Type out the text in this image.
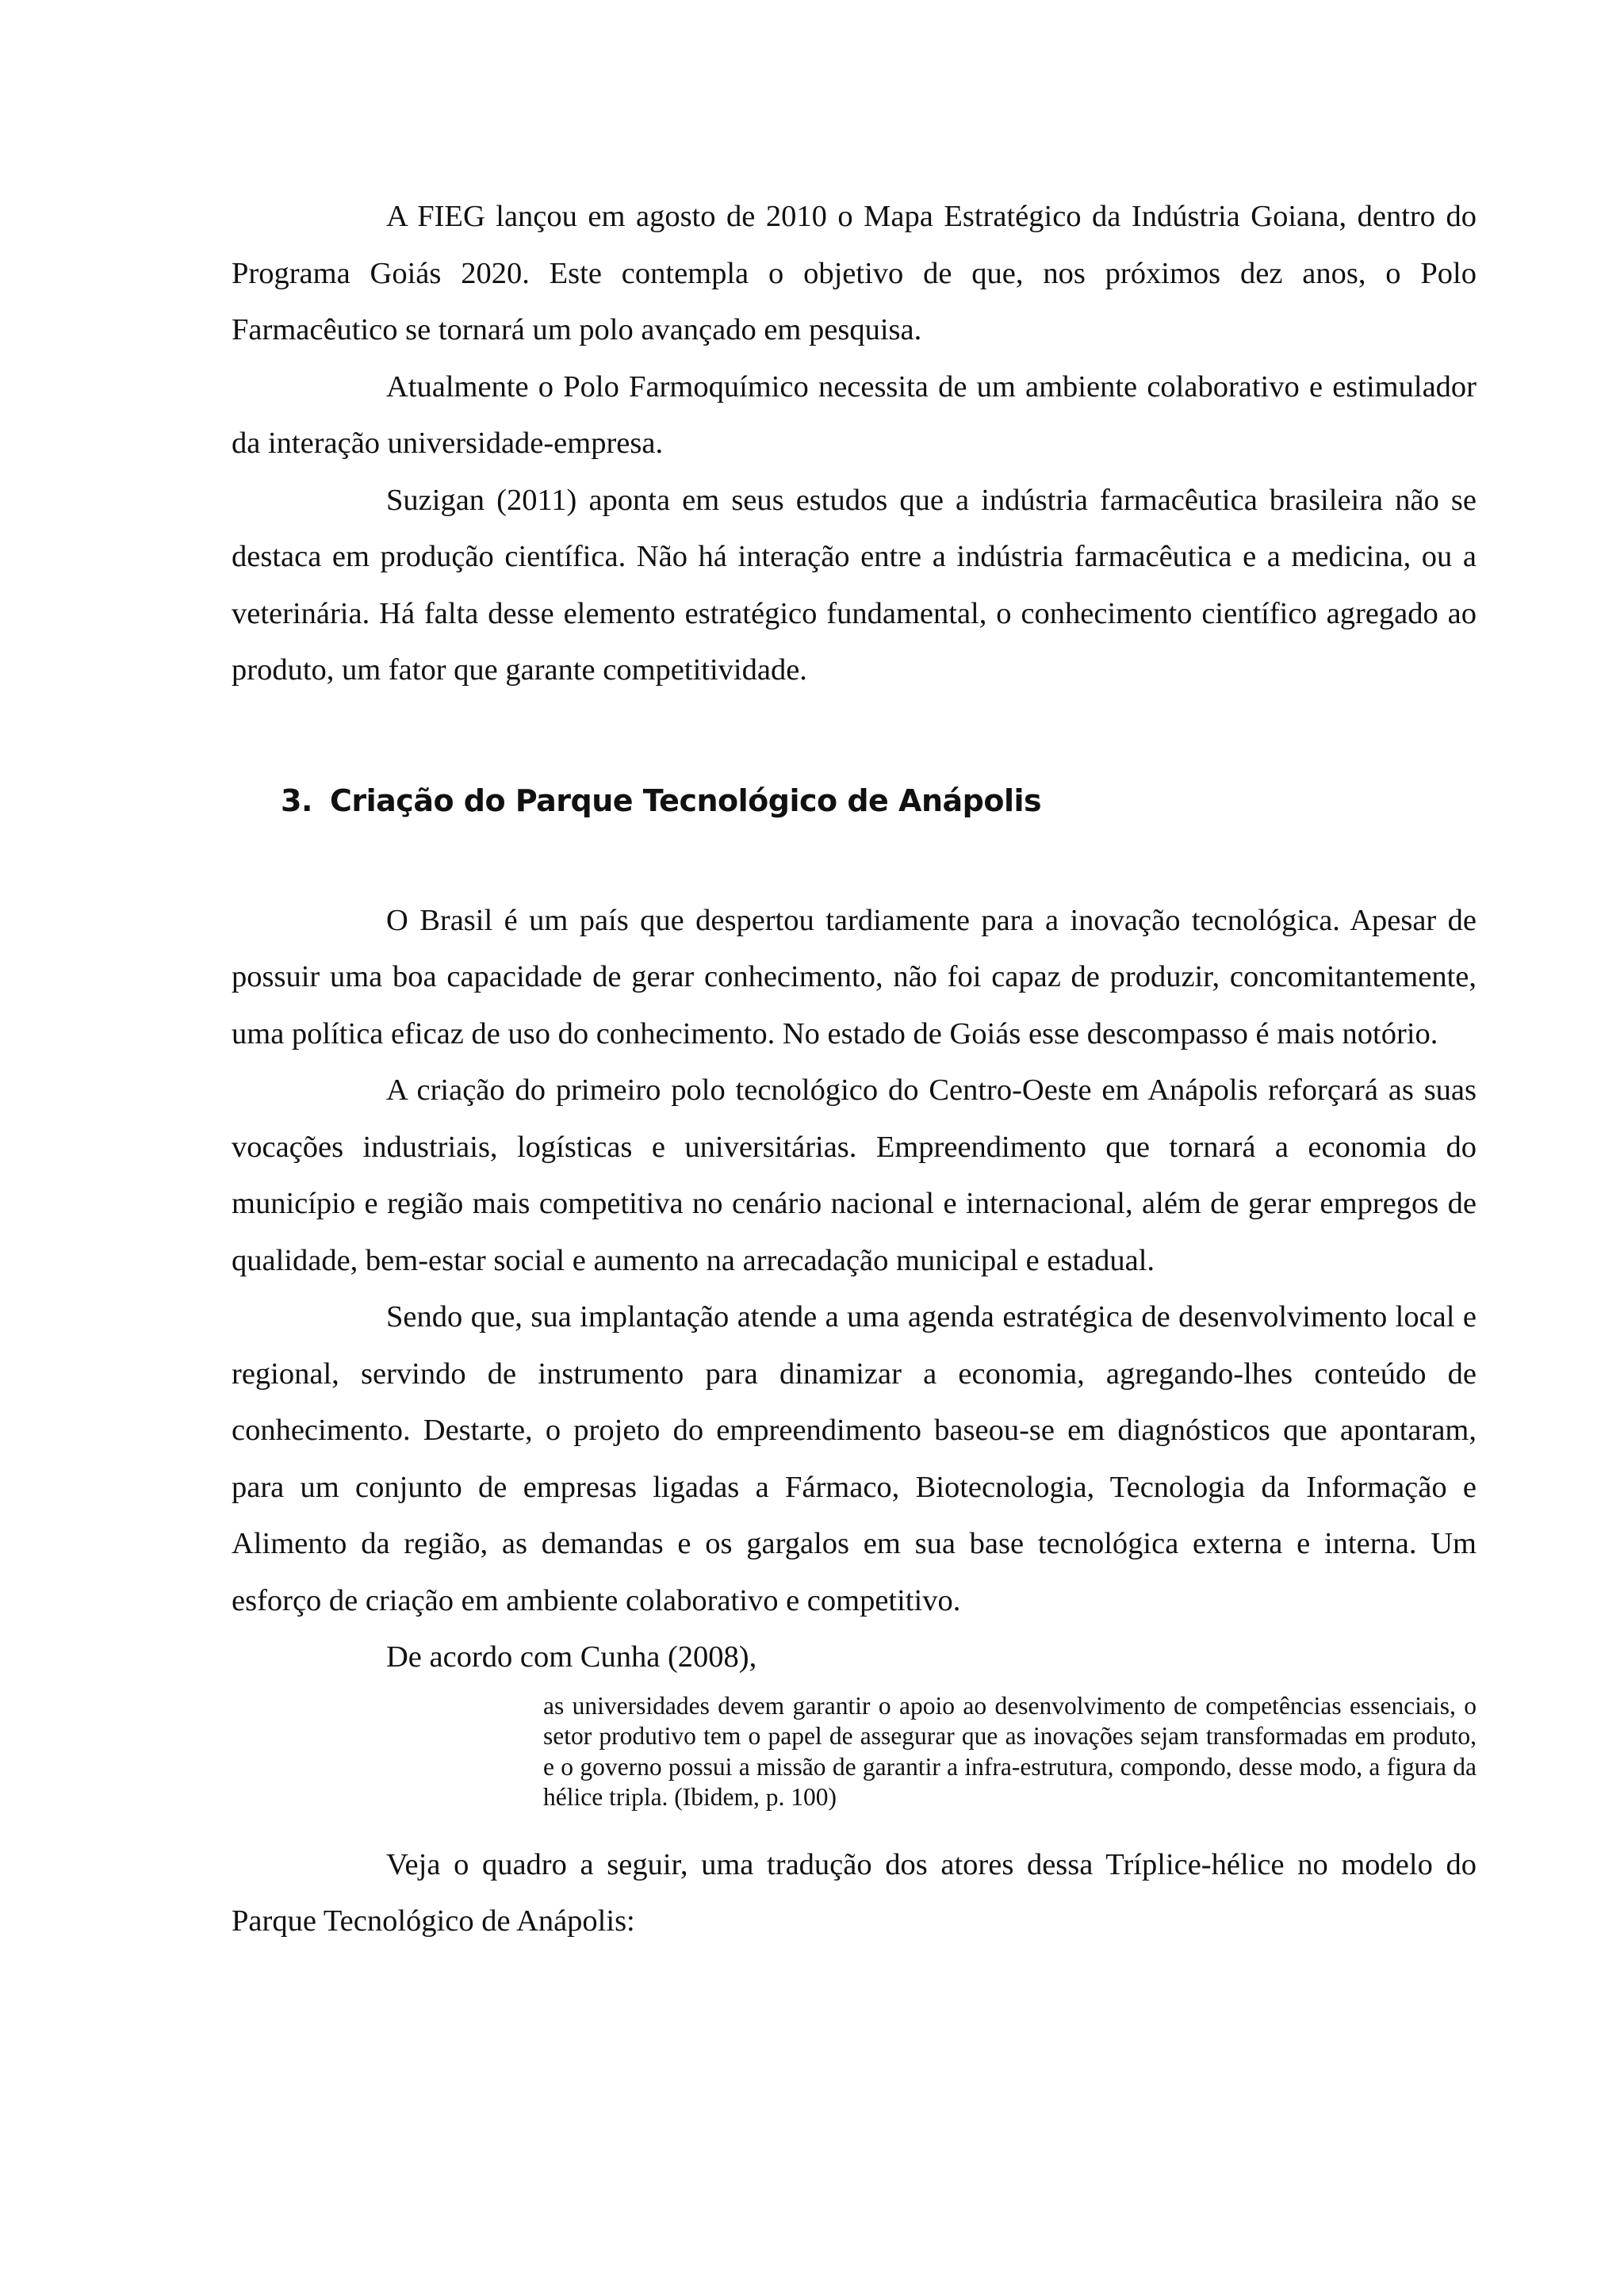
A FIEG lançou em agosto de 2010 o Mapa Estratégico da Indústria Goiana, dentro do Programa Goiás 2020. Este contempla o objetivo de que, nos próximos dez anos, o Polo Farmacêutico se tornará um polo avançado em pesquisa.

Atualmente o Polo Farmoquímico necessita de um ambiente colaborativo e estimulador da interação universidade-empresa.

Suzigan (2011) aponta em seus estudos que a indústria farmacêutica brasileira não se destaca em produção científica. Não há interação entre a indústria farmacêutica e a medicina, ou a veterinária. Há falta desse elemento estratégico fundamental, o conhecimento científico agregado ao produto, um fator que garante competitividade.

3. Criação do Parque Tecnológico de Anápolis

O Brasil é um país que despertou tardiamente para a inovação tecnológica. Apesar de possuir uma boa capacidade de gerar conhecimento, não foi capaz de produzir, concomitantemente, uma política eficaz de uso do conhecimento. No estado de Goiás esse descompasso é mais notório.

A criação do primeiro polo tecnológico do Centro-Oeste em Anápolis reforçará as suas vocações industriais, logísticas e universitárias. Empreendimento que tornará a economia do município e região mais competitiva no cenário nacional e internacional, além de gerar empregos de qualidade, bem-estar social e aumento na arrecadação municipal e estadual.

Sendo que, sua implantação atende a uma agenda estratégica de desenvolvimento local e regional, servindo de instrumento para dinamizar a economia, agregando-lhes conteúdo de conhecimento. Destarte, o projeto do empreendimento baseou-se em diagnósticos que apontaram, para um conjunto de empresas ligadas a Fármaco, Biotecnologia, Tecnologia da Informação e Alimento da região, as demandas e os gargalos em sua base tecnológica externa e interna. Um esforço de criação em ambiente colaborativo e competitivo.

De acordo com Cunha (2008),

as universidades devem garantir o apoio ao desenvolvimento de competências essenciais, o setor produtivo tem o papel de assegurar que as inovações sejam transformadas em produto, e o governo possui a missão de garantir a infra-estrutura, compondo, desse modo, a figura da hélice tripla. (Ibidem, p. 100)

Veja o quadro a seguir, uma tradução dos atores dessa Tríplice-hélice no modelo do Parque Tecnológico de Anápolis:
